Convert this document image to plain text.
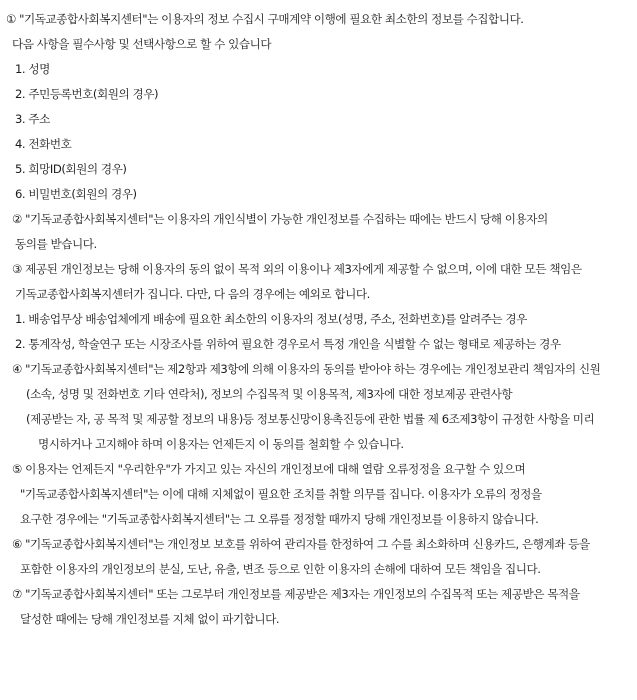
① "기독교종합사회복지센터"는 이용자의 정보 수집시 구매계약 이행에 필요한 최소한의 정보를 수집합니다.
다음 사항을 필수사항 및 선택사항으로 할 수 있습니다
1. 성명
2. 주민등록번호(회원의 경우)
3. 주소
4. 전화번호
5. 희망ID(회원의 경우)
6. 비밀번호(회원의 경우)
② "기독교종합사회복지센터"는 이용자의 개인식별이 가능한 개인정보를 수집하는 때에는 반드시 당해 이용자의
동의를 받습니다.
③ 제공된 개인정보는 당해 이용자의 동의 없이 목적 외의 이용이나 제3자에게 제공할 수 없으며, 이에 대한 모든 책임은
기독교종합사회복지센터가 집니다. 다만, 다 음의 경우에는 예외로 합니다.
1. 배송업무상 배송업체에게 배송에 필요한 최소한의 이용자의 정보(성명, 주소, 전화번호)를 알려주는 경우
2. 통계작성, 학술연구 또는 시장조사를 위하여 필요한 경우로서 특정 개인을 식별할 수 없는 형태로 제공하는 경우
④ "기독교종합사회복지센터"는 제2항과 제3항에 의해 이용자의 동의를 받아야 하는 경우에는 개인정보관리 책임자의 신원
(소속, 성명 및 전화번호 기타 연락처), 정보의 수집목적 및 이용목적, 제3자에 대한 정보제공 관련사항
(제공받는 자, 공 목적 및 제공할 정보의 내용)등 정보통신망이용촉진등에 관한 법률 제 6조제3항이 규정한 사항을 미리
명시하거나 고지해야 하며 이용자는 언제든지 이 동의를 철회할 수 있습니다.
⑤ 이용자는 언제든지 "우리한우"가 가지고 있는 자신의 개인정보에 대해 열람 오류정정을 요구할 수 있으며
"기독교종합사회복지센터"는 이에 대해 지체없이 필요한 조치를 취할 의무를 집니다. 이용자가 오류의 정정을
요구한 경우에는 "기독교종합사회복지센터"는 그 오류를 정정할 때까지 당해 개인정보를 이용하지 않습니다.
⑥ "기독교종합사회복지센터"는 개인정보 보호를 위하여 관리자를 한정하여 그 수를 최소화하며 신용카드, 은행계좌 등을
포함한 이용자의 개인정보의 분실, 도난, 유출, 변조 등으로 인한 이용자의 손해에 대하여 모든 책임을 집니다.
⑦ "기독교종합사회복지센터" 또는 그로부터 개인정보를 제공받은 제3자는 개인정보의 수집목적 또는 제공받은 목적을
달성한 때에는 당해 개인정보를 지체 없이 파기합니다.
